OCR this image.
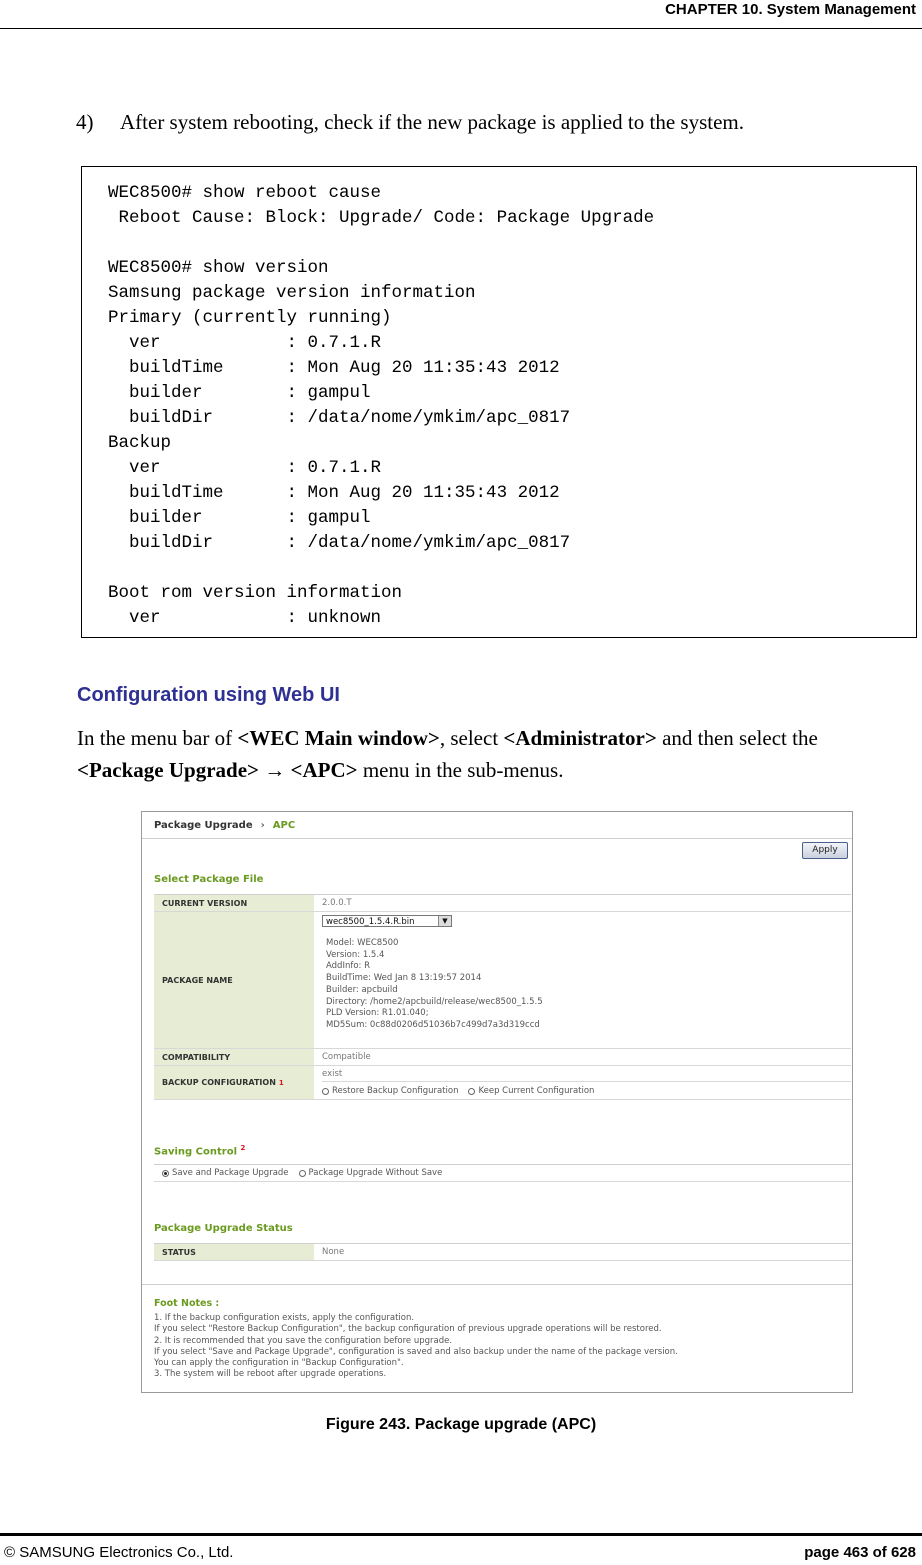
CHAPTER 10. System Management
4) After system rebooting, check if the new package is applied to the system.
WEC8500# show reboot cause
Reboot Cause: Block: Upgrade/ Code: Package Upgrade

WEC8500# show version
Samsung package version information
Primary (currently running)
ver            : 0.7.1.R
buildTime      : Mon Aug 20 11:35:43 2012
builder        : gampul
buildDir       : /data/nome/ymkim/apc_0817
Backup
ver            : 0.7.1.R
buildTime      : Mon Aug 20 11:35:43 2012
builder        : gampul
buildDir       : /data/nome/ymkim/apc_0817

Boot rom version information
ver            : unknown
Configuration using Web UI
In the menu bar of <WEC Main window>, select <Administrator> and then select the <Package Upgrade> → <APC> menu in the sub-menus.
Package Upgrade › APC
Apply
Select Package File
CURRENT VERSION	2.0.0.T
PACKAGE NAME
wec8500_1.5.4.R.bin	▼
Model: WEC8500
Version: 1.5.4
AddInfo: R
BuildTime: Wed Jan 8 13:19:57 2014
Builder: apcbuild
Directory: /home2/apcbuild/release/wec8500_1.5.5
PLD Version: R1.01.040;
MD5Sum: 0c88d0206d51036b7c499d7a3d319ccd
COMPATIBILITY	Compatible
BACKUP CONFIGURATION 1
exist
Restore Backup Configuration Keep Current Configuration
Saving Control $^2$
Save and Package Upgrade Package Upgrade Without Save
Package Upgrade Status
STATUS	None
Foot Notes :
1. If the backup configuration exists, apply the configuration.
If you select "Restore Backup Configuration", the backup configuration of previous upgrade operations will be restored.
2. It is recommended that you save the configuration before upgrade.
If you select "Save and Package Upgrade", configuration is saved and also backup under the name of the package version.
You can apply the configuration in "Backup Configuration".
3. The system will be reboot after upgrade operations.
Figure 243. Package upgrade (APC)
© SAMSUNG Electronics Co., Ltd.	page 463 of 628
